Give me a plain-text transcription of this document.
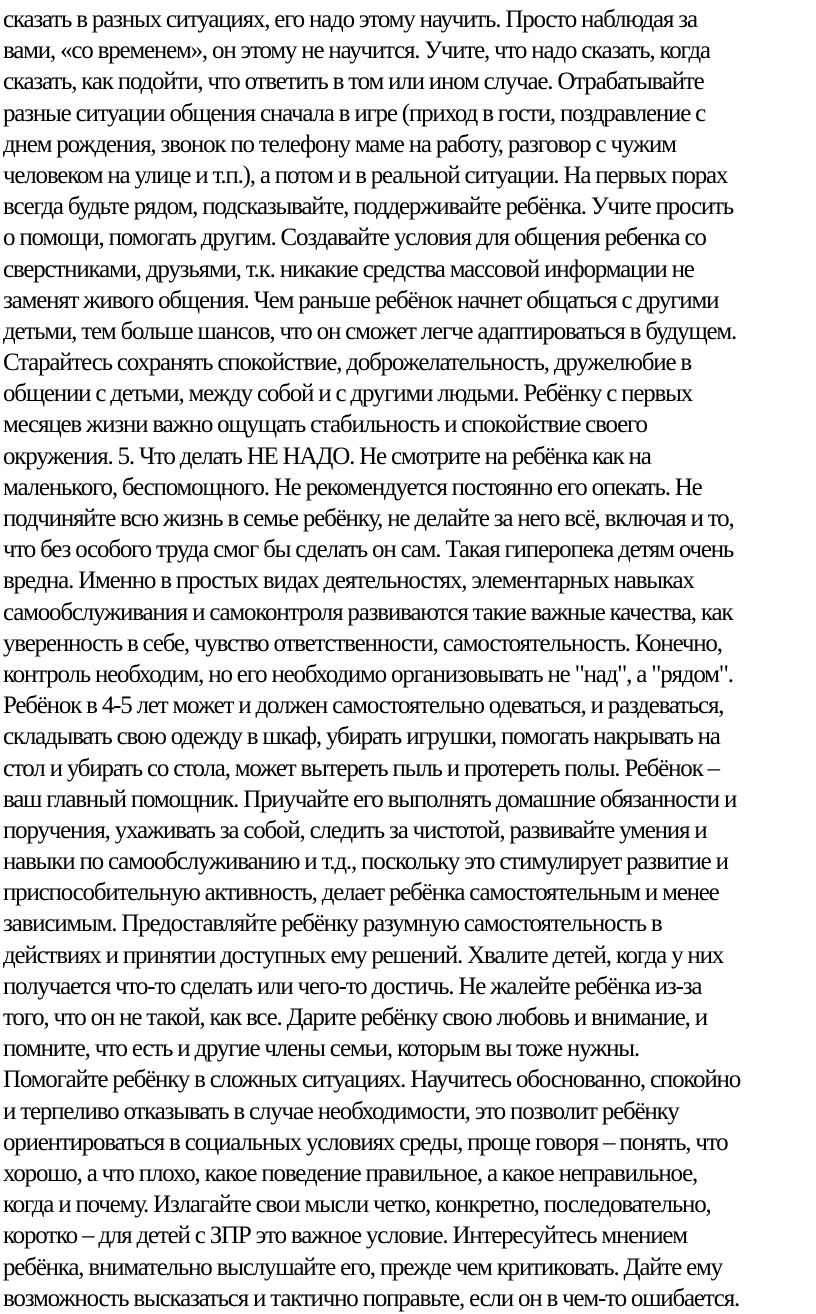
сказать в разных ситуациях, его надо этому научить. Просто наблюдая за
вами, «со временем», он этому не научится. Учите, что надо сказать, когда
сказать, как подойти, что ответить в том или ином случае. Отрабатывайте
разные ситуации общения сначала в игре (приход в гости, поздравление с
днем рождения, звонок по телефону маме на работу, разговор с чужим
человеком на улице и т.п.), а потом и в реальной ситуации. На первых порах
всегда будьте рядом, подсказывайте, поддерживайте ребёнка. Учите просить
о помощи, помогать другим. Создавайте условия для общения ребенка со
сверстниками, друзьями, т.к. никакие средства массовой информации не
заменят живого общения. Чем раньше ребёнок начнет общаться с другими
детьми, тем больше шансов, что он сможет легче адаптироваться в будущем.
Старайтесь сохранять спокойствие, доброжелательность, дружелюбие в
общении с детьми, между собой и с другими людьми. Ребёнку с первых
месяцев жизни важно ощущать стабильность и спокойствие своего
окружения. 5. Что делать НЕ НАДО. Не смотрите на ребёнка как на
маленького, беспомощного. Не рекомендуется постоянно его опекать. Не
подчиняйте всю жизнь в семье ребёнку, не делайте за него всё, включая и то,
что без особого труда смог бы сделать он сам. Такая гиперопека детям очень
вредна. Именно в простых видах деятельностях, элементарных навыках
самообслуживания и самоконтроля развиваются такие важные качества, как
уверенность в себе, чувство ответственности, самостоятельность. Конечно,
контроль необходим, но его необходимо организовывать не "над", а "рядом".
Ребёнок в 4-5 лет может и должен самостоятельно одеваться, и раздеваться,
складывать свою одежду в шкаф, убирать игрушки, помогать накрывать на
стол и убирать со стола, может вытереть пыль и протереть полы. Ребёнок –
ваш главный помощник. Приучайте его выполнять домашние обязанности и
поручения, ухаживать за собой, следить за чистотой, развивайте умения и
навыки по самообслуживанию и т.д., поскольку это стимулирует развитие и
приспособительную активность, делает ребёнка самостоятельным и менее
зависимым. Предоставляйте ребёнку разумную самостоятельность в
действиях и принятии доступных ему решений. Хвалите детей, когда у них
получается что-то сделать или чего-то достичь. Не жалейте ребёнка из-за
того, что он не такой, как все. Дарите ребёнку свою любовь и внимание, и
помните, что есть и другие члены семьи, которым вы тоже нужны.
Помогайте ребёнку в сложных ситуациях. Научитесь обоснованно, спокойно
и терпеливо отказывать в случае необходимости, это позволит ребёнку
ориентироваться в социальных условиях среды, проще говоря – понять, что
хорошо, а что плохо, какое поведение правильное, а какое неправильное,
когда и почему. Излагайте свои мысли четко, конкретно, последовательно,
коротко – для детей с ЗПР это важное условие. Интересуйтесь мнением
ребёнка, внимательно выслушайте его, прежде чем критиковать. Дайте ему
возможность высказаться и тактично поправьте, если он в чем-то ошибается.
